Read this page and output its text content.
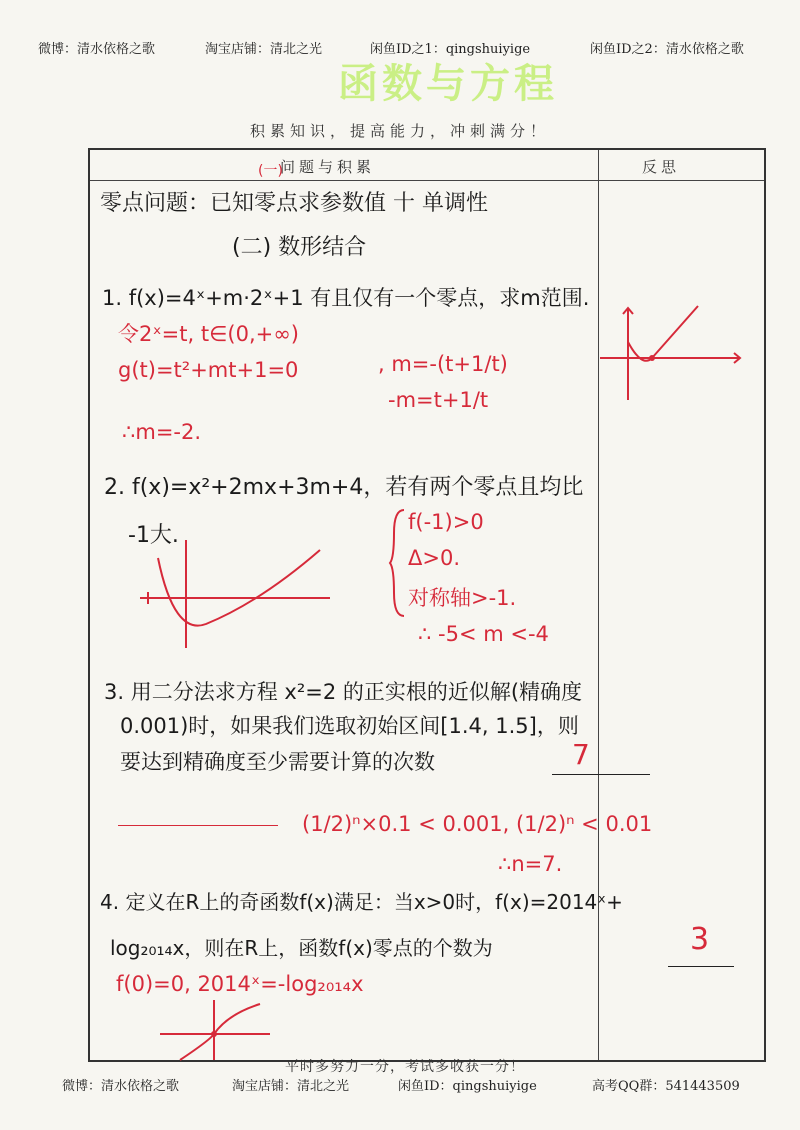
微博：清水依格之歌	淘宝店铺：清北之光	闲鱼ID之1：qingshuiyige	闲鱼ID之2：清水依格之歌
函数与方程
积累知识，提高能力，冲刺满分！
问题与积累	反思
(一)
零点问题：已知零点求参数值 十 单调性
(二) 数形结合
1. f(x)=4ˣ+m·2ˣ+1 有且仅有一个零点，求m范围.
令2ˣ=t, t∈(0,+∞)
g(t)=t²+mt+1=0	, m=-(t+1/t)
-m=t+1/t
∴m=-2.
2. f(x)=x²+2mx+3m+4，若有两个零点且均比
-1大.
f(-1)>0
Δ>0.
对称轴>-1.
∴ -5< m <-4
3. 用二分法求方程 x²=2 的正实根的近似解(精确度
0.001)时，如果我们选取初始区间[1.4, 1.5]，则
要达到精确度至少需要计算的次数	7
(1/2)ⁿ×0.1 < 0.001, (1/2)ⁿ < 0.01
∴n=7.
4. 定义在R上的奇函数f(x)满足：当x>0时，f(x)=2014ˣ+
log₂₀₁₄x，则在R上，函数f(x)零点的个数为	3
f(0)=0, 2014ˣ=-log₂₀₁₄x
平时多努力一分，考试多收获一分！
微博：清水依格之歌	淘宝店铺：清北之光	闲鱼ID：qingshuiyige	高考QQ群：541443509
